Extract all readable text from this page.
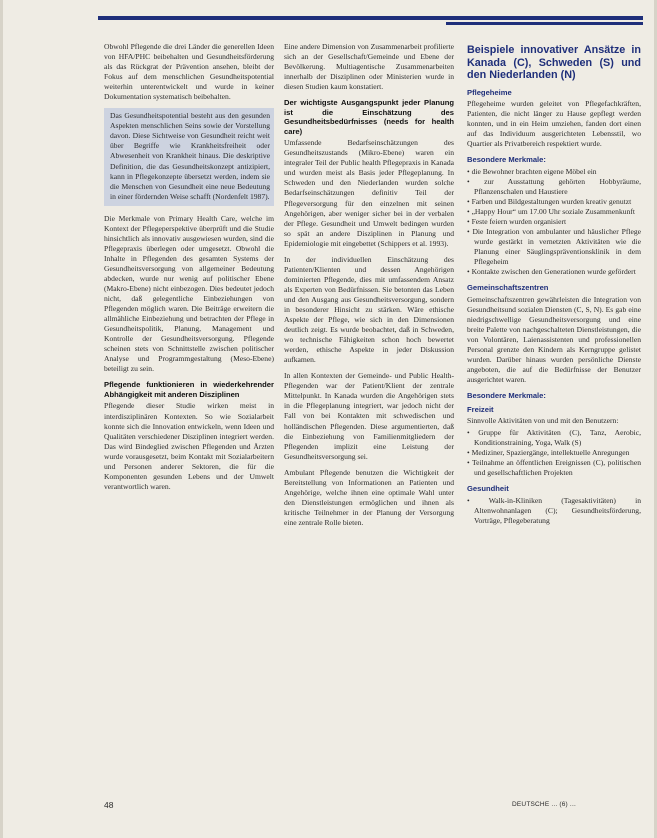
Obwohl Pflegende die drei Länder die generellen Ideen von HFA/PHC beibehalten und Gesundheitsförderung als das Rückgrat der Prävention ansehen, bleibt der Fokus auf dem menschlichen Gesundheitspotential weiterhin unterentwickelt und wurde in keiner Dokumentation systematisch beibehalten.

Das Gesundheitspotential besteht aus den gesunden Aspekten menschlichen Seins sowie der Vorstellung davon. Diese Sichtweise von Gesundheit reicht weit über Begriffe wie Krankheitsfreiheit oder Abwesenheit von Krankheit hinaus. Die deskriptive Definition, die das Gesundheitskonzept antizipiert, kann in Pflegekonzepte übersetzt werden, indem sie die Menschen von Gesundheit eine neue Bedeutung in einer fördernden Weise schafft (Nordenfelt 1987).

Die Merkmale von Primary Health Care, welche im Kontext der Pflegeperspektive überprüft und die Studie hinsichtlich als innovativ ausgewiesen wurden, sind die Pflegepraxis überlegen oder umgesetzt. Obwohl die Inhalte in Pflegenden des gesamten Systems der Gesundheitsversorgung von allgemeiner Bedeutung abdecken, wurde nur wenig auf politischer Ebene (Makro-Ebene) nicht einbezogen. Dies bedeutet jedoch nicht, daß gelegentliche Einbeziehungen von Pflegenden möglich waren. Die Beiträge erweitern die allmähliche Einbeziehung und betrachten der Pflege in Gesundheitspolitik, Planung, Management und Kontrolle der Gesundheitsversorgung. Pflegende scheinen stets von Schnittstelle zwischen politischer Analyse und Programmgestaltung (Meso-Ebene) beteiligt zu sein.

Pflegende funktionieren in wiederkehrender Abhängigkeit mit anderen Disziplinen

Pflegende dieser Studie wirken meist in interdisziplinären Kontexten. So wie Sozialarbeit konnte sich die Innovation entwickeln, wenn Ideen und Qualitäten verschiedener Disziplinen integriert werden. Das wird Bindeglied zwischen Pflegenden und Ärzten wurde vorausgesetzt, beim Kontakt mit Sozialarbeitern und Personen anderer Sektoren, die für die Komponenten gesunden Lebens und der Umwelt verantwortlich waren.

Eine andere Dimension von Zusammenarbeit profilierte sich an der Gesellschaft/Gemeinde und Ebene der Bevölkerung. Multiagentische Zusammenarbeiten innerhalb der Disziplinen oder Ministerien wurde in diesen Studien kaum konstatiert.

Der wichtigste Ausgangspunkt jeder Planung ist die Einschätzung des Gesundheitsbedürfnisses (needs for health care)

Umfassende Bedarfseinschätzungen des Gesundheitszustands (Mikro-Ebene) waren ein integraler Teil der Public health Pflegepraxis in Kanada und wurden meist als Basis jeder Pflegeplanung. In Schweden und den Niederlanden wurden solche Bedarfseinschätzungen definitiv Teil der Pflegeversorgung für den einzelnen mit seinen Angehörigen, aber weniger sicher bei in der verbalen der Pflege. Gesundheit und Umwelt bedingen wurden so spät an andere Disziplinen in Planung und Epidemiologie mit eingebettet (Schippers et al. 1993).

In der individuellen Einschätzung des Patienten/Klienten und dessen Angehörigen dominierten Pflegende, dies mit umfassendem Ansatz als Experten von Bedürfnissen. Sie betonten das Leben und den Ausgang aus Gesundheitsversorgung, sondern in besonderer Hinsicht zu stärken. Wäre ethische Aspekte der Pflege, wie sich in den Dimensionen deutlich zeigt. Es wurde beobachtet, daß in Schweden, wo technische Fähigkeiten schon hoch bewertet werden, ethische Aspekte in jeder Diskussion aufkamen.

In allen Kontexten der Gemeinde- und Public Health-Pflegenden war der Patient/Klient der zentrale Mittelpunkt. In Kanada wurden die Angehörigen stets in die Pflegeplanung integriert, war jedoch nicht der Fall von bei Kontakten mit schwedischen und holländischen Pflegenden. Diese argumentierten, daß die Einbeziehung von Familienmitgliedern der Pflegenden implizit eine Leistung der Gesundheitsversorgung sei.

Ambulant Pflegende benutzen die Wichtigkeit der Bereitstellung von Informationen an Patienten und Angehörige, welche ihnen eine optimale Wahl unter den Dienstleistungen ermöglichen und ihnen als kritische Teilnehmer in der Planung der Versorgung eine zentrale Rolle bieten.

Beispiele innovativer Ansätze in Kanada (C), Schweden (S) und den Niederlanden (N)
Pflegeheime

Pflegeheime wurden geleitet von Pflegefachkräften, Patienten, die nicht länger zu Hause gepflegt werden konnten, und in ein Heim umziehen, fanden dort einen auf das Individuum ausgerichteten Lebensstil, wo Quartier als Privatbereich respektiert wurde.

Besondere Merkmale:
• die Bewohner brachten eigene Möbel ein
• zur Ausstattung gehörten Hobbyräume, Pflanzenschalen und Haustiere
• Farben und Bildgestaltungen wurden kreativ genutzt
• „Happy Hour“ um 17.00 Uhr soziale Zusammenkunft
• Feste feiern wurden organisiert
• Die Integration von ambulanter und häuslicher Pflege wurde gestärkt in vernetzten Aktivitäten wie die Planung einer Säuglingspräventionsklinik in dem Pflegeheim
• Kontakte zwischen den Generationen wurde gefördert
Gemeinschaftszentren

Gemeinschaftszentren gewährleisten die Integration von Gesundheitsund sozialen Diensten (C, S, N). Es gab eine niedrigschwellige Gesundheitsversorgung und eine breite Palette von nachgeschalteten Dienstleistungen, die von Volontären, Laienassistenten und professionellen Personal grenzte den Kindern als Kerngruppe gelistet wurden. Darüber hinaus wurden persönliche Dienste angeboten, die auf die Bedürfnisse der Benutzer ausgerichtet waren.

Besondere Merkmale:
Freizeit

Sinnvolle Aktivitäten von und mit den Benutzern:

• Gruppe für Aktivitäten (C), Tanz, Aerobic, Konditionstraining, Yoga, Walk (S)
• Mediziner, Spaziergänge, intellektuelle Anregungen
• Teilnahme an öffentlichen Ereignissen (C), politischen und gesellschaftlichen Projekten
Gesundheit
• Walk-in-Kliniken (Tagesaktivitäten) in Altenwohnanlagen (C); Gesundheitsförderung, Vorträge, Pflegeberatung
48	DEUTSCHE ... (6) ...
